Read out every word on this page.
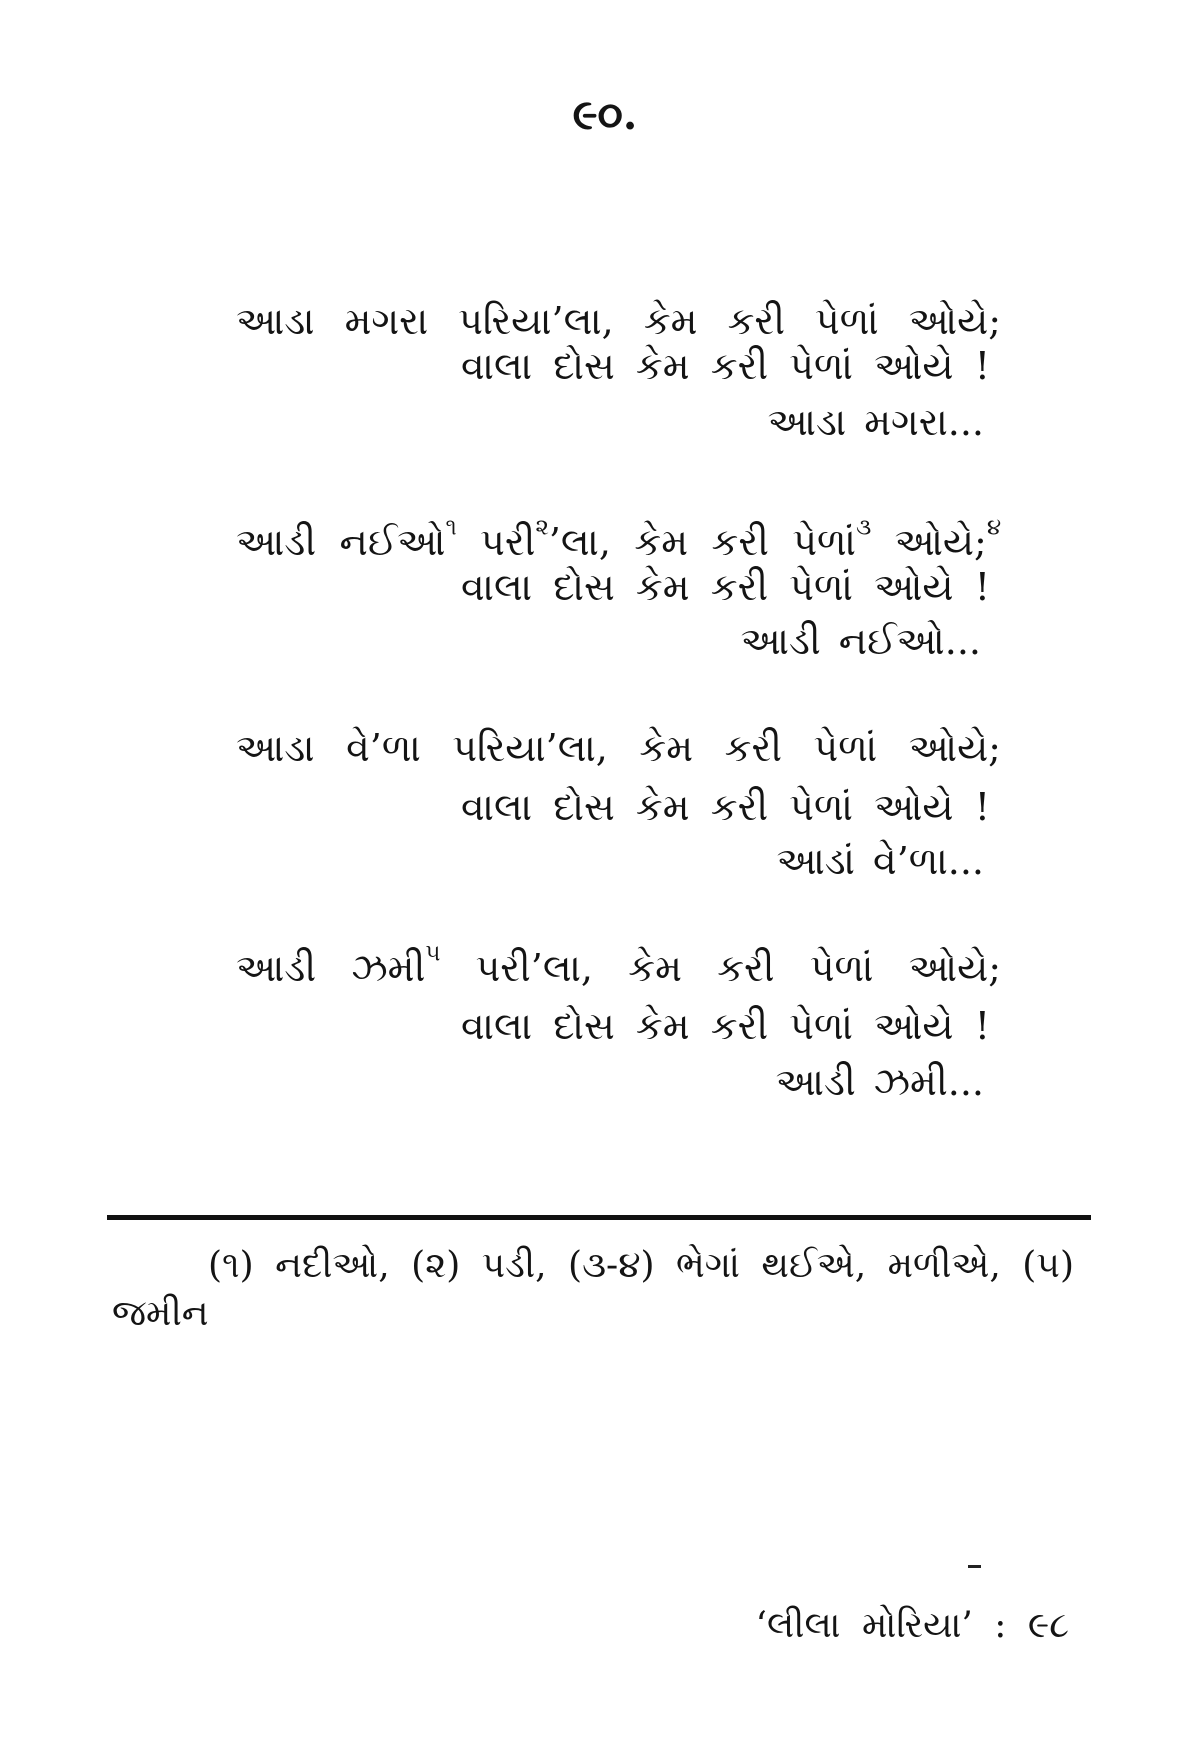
૯૦.
આડા મગરા પરિયા’લા, કેમ કરી પેળાં ઓયે;
વાલા દોસ કેમ કરી પેળાં ઓયે !
આડા મગરા...
આડી નઈઓ$^૧$ પરી$^૨$’લા, કેમ કરી પેળાં$^૩$ ઓયે;$^૪$
વાલા દોસ કેમ કરી પેળાં ઓયે !
આડી નઈઓ...
આડા વે’ળા પરિયા’લા, કેમ કરી પેળાં ઓયે;
વાલા દોસ કેમ કરી પેળાં ઓયે !
આડાં વે’ળા...
આડી ઝમી$^૫$ પરી’લા, કેમ કરી પેળાં ઓયે;
વાલા દોસ કેમ કરી પેળાં ઓયે !
આડી ઝમી...
(૧) નદીઓ, (૨) પડી, (૩-૪) ભેગાં થઈએ, મળીએ, (૫)
જમીન
‘લીલા મોરિયા’ : ૯૮
